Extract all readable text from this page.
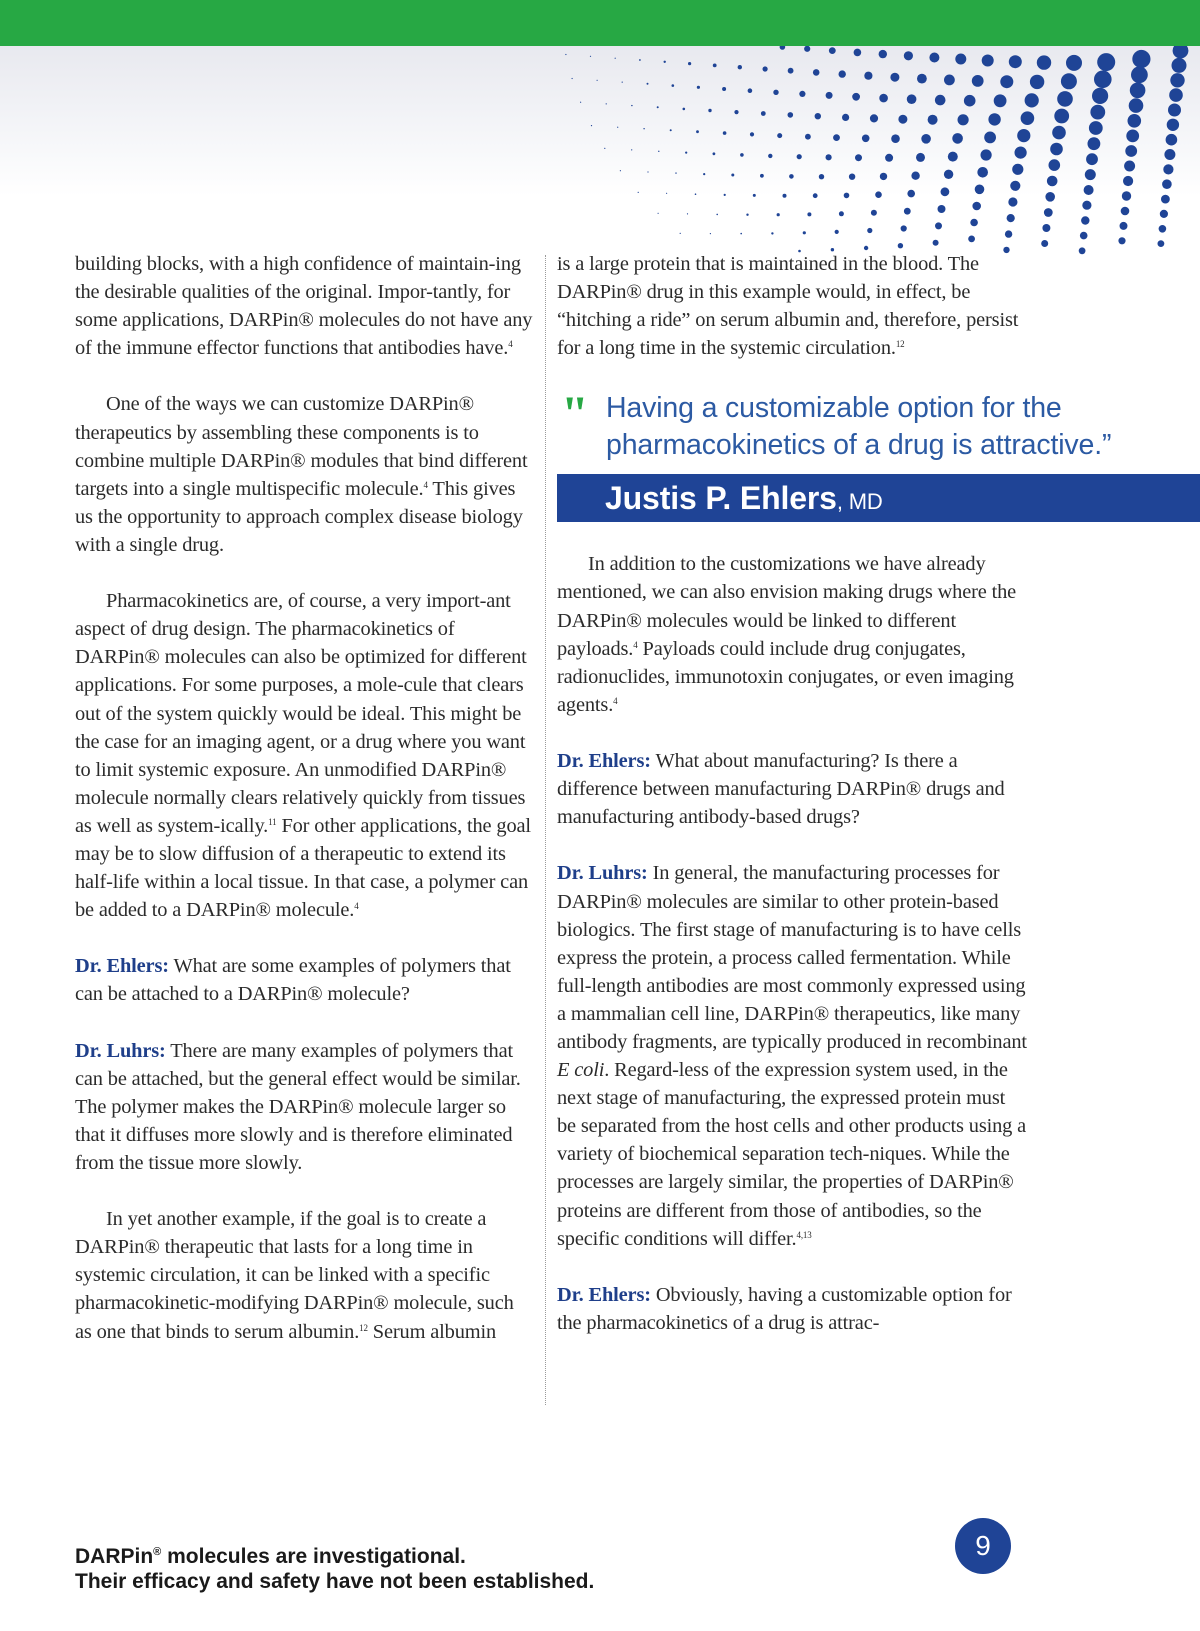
building blocks, with a high confidence of maintain-ing the desirable qualities of the original. Impor-tantly, for some applications, DARPin® molecules do not have any of the immune effector functions that antibodies have.$^4$

One of the ways we can customize DARPin® therapeutics by assembling these components is to combine multiple DARPin® modules that bind different targets into a single multispecific molecule.$^4$ This gives us the opportunity to approach complex disease biology with a single drug.

Pharmacokinetics are, of course, a very import-ant aspect of drug design. The pharmacokinetics of DARPin® molecules can also be optimized for different applications. For some purposes, a mole-cule that clears out of the system quickly would be ideal. This might be the case for an imaging agent, or a drug where you want to limit systemic exposure. An unmodified DARPin® molecule normally clears relatively quickly from tissues as well as system-ically.$^{11}$ For other applications, the goal may be to slow diffusion of a therapeutic to extend its half-life within a local tissue. In that case, a polymer can be added to a DARPin® molecule.$^4$

Dr. Ehlers: What are some examples of polymers that can be attached to a DARPin® molecule?

Dr. Luhrs: There are many examples of polymers that can be attached, but the general effect would be similar. The polymer makes the DARPin® molecule larger so that it diffuses more slowly and is therefore eliminated from the tissue more slowly.

In yet another example, if the goal is to create a DARPin® therapeutic that lasts for a long time in systemic circulation, it can be linked with a specific pharmacokinetic-modifying DARPin® molecule, such as one that binds to serum albumin.$^{12}$ Serum albumin

is a large protein that is maintained in the blood. The DARPin® drug in this example would, in effect, be “hitching a ride” on serum albumin and, therefore, persist for a long time in the systemic circulation.$^{12}$

" Having a customizable option for the pharmacokinetics of a drug is attractive.”
Justis P. Ehlers, MD

In addition to the customizations we have already mentioned, we can also envision making drugs where the DARPin® molecules would be linked to different payloads.$^4$ Payloads could include drug conjugates, radionuclides, immunotoxin conjugates, or even imaging agents.$^4$

Dr. Ehlers: What about manufacturing? Is there a difference between manufacturing DARPin® drugs and manufacturing antibody-based drugs?

Dr. Luhrs: In general, the manufacturing processes for DARPin® molecules are similar to other protein-based biologics. The first stage of manufacturing is to have cells express the protein, a process called fermentation. While full-length antibodies are most commonly expressed using a mammalian cell line, DARPin® therapeutics, like many antibody fragments, are typically produced in recombinant E coli. Regard-less of the expression system used, in the next stage of manufacturing, the expressed protein must be separated from the host cells and other products using a variety of biochemical separation tech-niques. While the processes are largely similar, the properties of DARPin® proteins are different from those of antibodies, so the specific conditions will differ.$^{4,13}$

Dr. Ehlers: Obviously, having a customizable option for the pharmacokinetics of a drug is attrac-

9
DARPin® molecules are investigational.
Their efficacy and safety have not been established.
